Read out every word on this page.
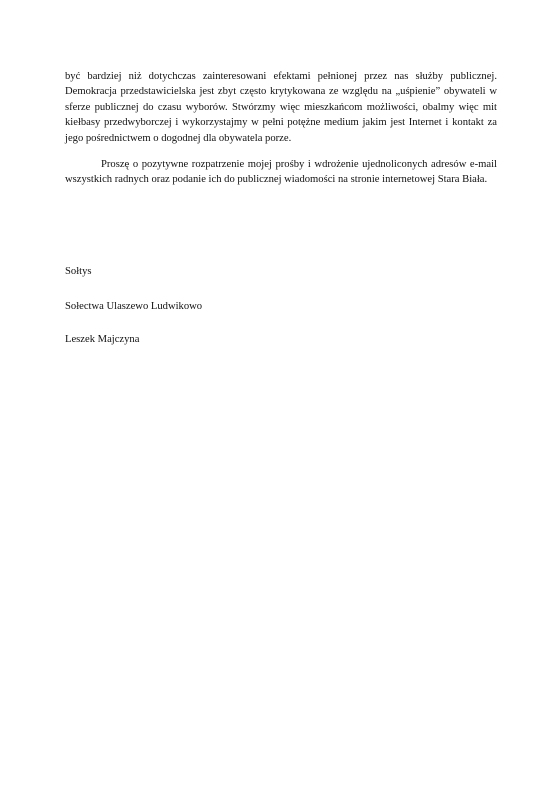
być bardziej niż dotychczas zainteresowani efektami pełnionej przez nas służby publicznej. Demokracja przedstawicielska jest zbyt często krytykowana ze względu na „uśpienie” obywateli w sferze publicznej do czasu wyborów. Stwórzmy więc mieszkańcom możliwości, obalmy więc mit kiełbasy przedwyborczej i wykorzystajmy w pełni potężne medium jakim jest Internet i kontakt za jego pośrednictwem o dogodnej dla obywatela porze.

Proszę o pozytywne rozpatrzenie mojej prośby i wdrożenie ujednoliconych adresów e-mail wszystkich radnych oraz podanie ich do publicznej wiadomości na stronie internetowej Stara Biała.

Sołtys

Sołectwa Ulaszewo Ludwikowo

Leszek Majczyna
